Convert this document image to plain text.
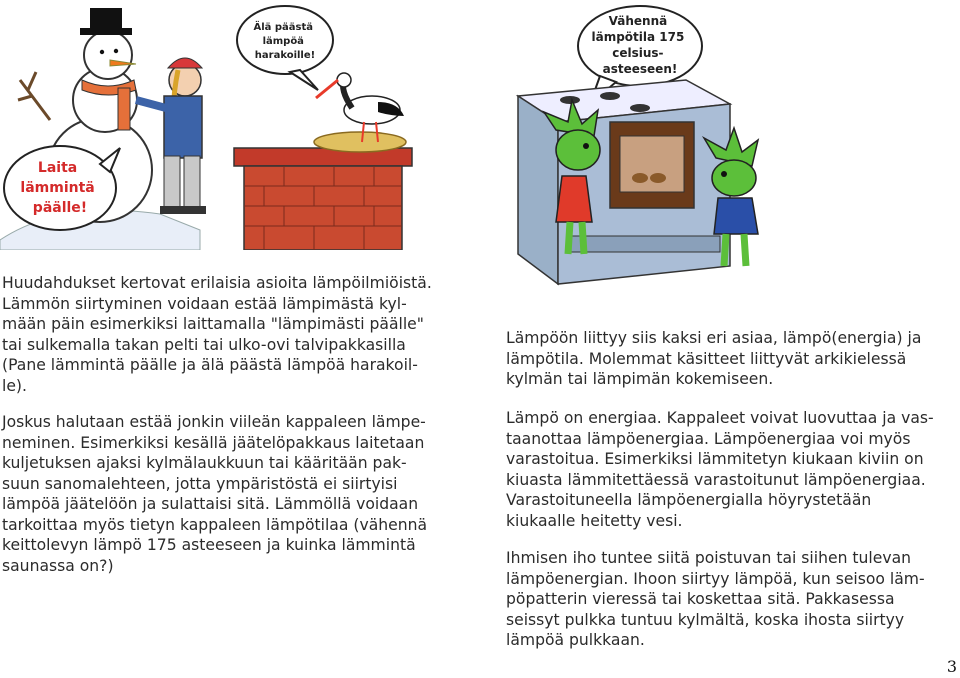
Laita lämmintä päälle!
Älä päästä lämpöä harakoille!
Vähennä lämpötila 175 celsius- asteeseen!

Huudahdukset kertovat erilaisia asioita lämpöilmiöistä.
Lämmön siirtyminen voidaan estää lämpimästä kyl-
mään päin esimerkiksi laittamalla "lämpimästi päälle"
tai sulkemalla takan pelti tai ulko-ovi talvipakkasilla
(Pane lämmintä päälle ja älä päästä lämpöä harakoil-
le).

Joskus halutaan estää jonkin viileän kappaleen lämpe-
neminen. Esimerkiksi kesällä jäätelöpakkaus laitetaan
kuljetuksen ajaksi kylmälaukkuun tai kääritään pak-
suun sanomalehteen, jotta ympäristöstä ei siirtyisi
lämpöä jäätelöön ja sulattaisi sitä. Lämmöllä voidaan
tarkoittaa myös tietyn kappaleen lämpötilaa (vähennä
keittolevyn lämpö 175 asteeseen ja kuinka lämmintä
saunassa on?)

Lämpöön liittyy siis kaksi eri asiaa, lämpö(energia) ja
lämpötila. Molemmat käsitteet liittyvät arkikielessä
kylmän tai lämpimän kokemiseen.

Lämpö on energiaa. Kappaleet voivat luovuttaa ja vas-
taanottaa lämpöenergiaa. Lämpöenergiaa voi myös
varastoitua. Esimerkiksi lämmitetyn kiukaan kiviin on
kiuasta lämmitettäessä varastoitunut lämpöenergiaa.
Varastoituneella lämpöenergialla höyrystetään
kiukaalle heitetty vesi.

Ihmisen iho tuntee siitä poistuvan tai siihen tulevan
lämpöenergian. Ihoon siirtyy lämpöä, kun seisoo läm-
pöpatterin vieressä tai koskettaa sitä. Pakkasessa
seissyt pulkka tuntuu kylmältä, koska ihosta siirtyy
lämpöä pulkkaan.

3
